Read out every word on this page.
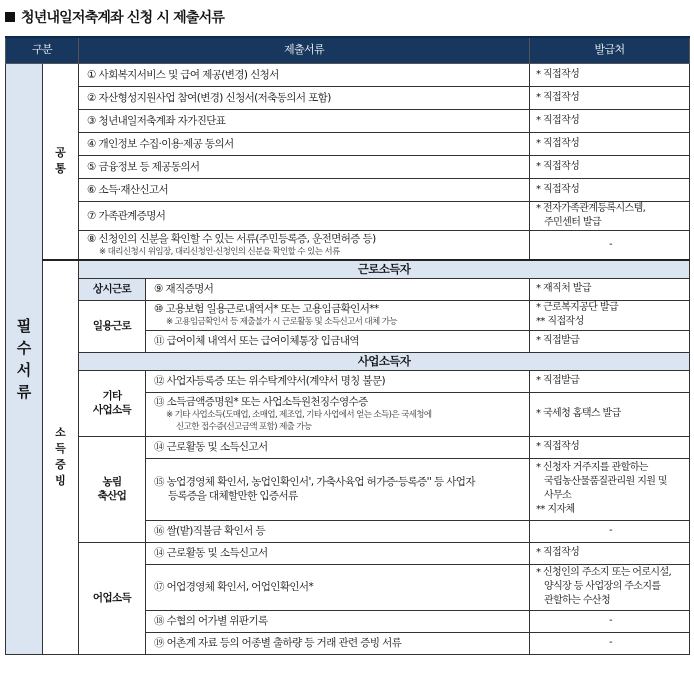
청년내일저축계좌 신청 시 제출서류
구분		제출서류		발급처

필
수
서
류	공
통	① 사회복지서비스 및 급여 제공(변경) 신청서		* 직접작성
		② 자산형성지원사업 참여(변경) 신청서(저축동의서 포함)		* 직접작성
		③ 청년내일저축계좌 자가진단표		* 직접작성
		④ 개인정보 수집·이용·제공 동의서		* 직접작성
		⑤ 금융정보 등 제공동의서		* 직접작성
		⑥ 소득·재산신고서		* 직접작성
		⑦ 가족관계증명서		* 전자가족관계등록시스템,
주민센터 발급

		⑧ 신청인의 신분을 확인할 수 있는 서류(주민등록증, 운전면허증 등)
※ 대리신청시 위임장, 대리신청인·신청인의 신분을 확인할 수 있는 서류		-

	소
득
증
빙	근로소득자		
		상시근로	⑨ 재직증명서	* 재직처 발급
		일용근로	⑩ 고용보험 일용근로내역서* 또는 고용임금확인서**
※ 고용임금확인서 등 제출불가 시 근로활동 및 소득신고서 대체 가능	* 근로복지공단 발급
** 직접작성
			⑪ 급여이체 내역서 또는 급여이체통장 입금내역	* 직접발급
		사업소득자		
		기타
사업소득	⑫ 사업자등록증 또는 위수탁계약서(계약서 명칭 불문)	* 직접발급
			⑬ 소득금액증명원* 또는 사업소득원천징수영수증
※ 기타 사업소득(도매업, 소매업, 제조업, 기타 사업에서 얻는 소득)은 국세청에
신고한 접수증(신고금액 포함) 제출 가능	* 국세청 홈택스 발급
		농림
축산업	⑭ 근로활동 및 소득신고서	* 직접작성
			⑮ 농업경영체 확인서, 농업인확인서', 가축사육업 허가증·등록증'' 등 사업자
등록증을 대체할만한 입증서류	* 신청자 거주지를 관할하는
국립농산물품질관리원 지원 및
사무소
** 지자체
			⑯ 쌀(밭)직불금 확인서 등	-
		어업소득	⑭ 근로활동 및 소득신고서	* 직접작성
			⑰ 어업경영체 확인서, 어업인확인서*	* 신청인의 주소지 또는 어로시설,
양식장 등 사업장의 주소지를
관할하는 수산청

			⑱ 수협의 어가별 위판기록	-
			⑲ 어촌계 자료 등의 어종별 출하량 등 거래 관련 증빙 서류	-
